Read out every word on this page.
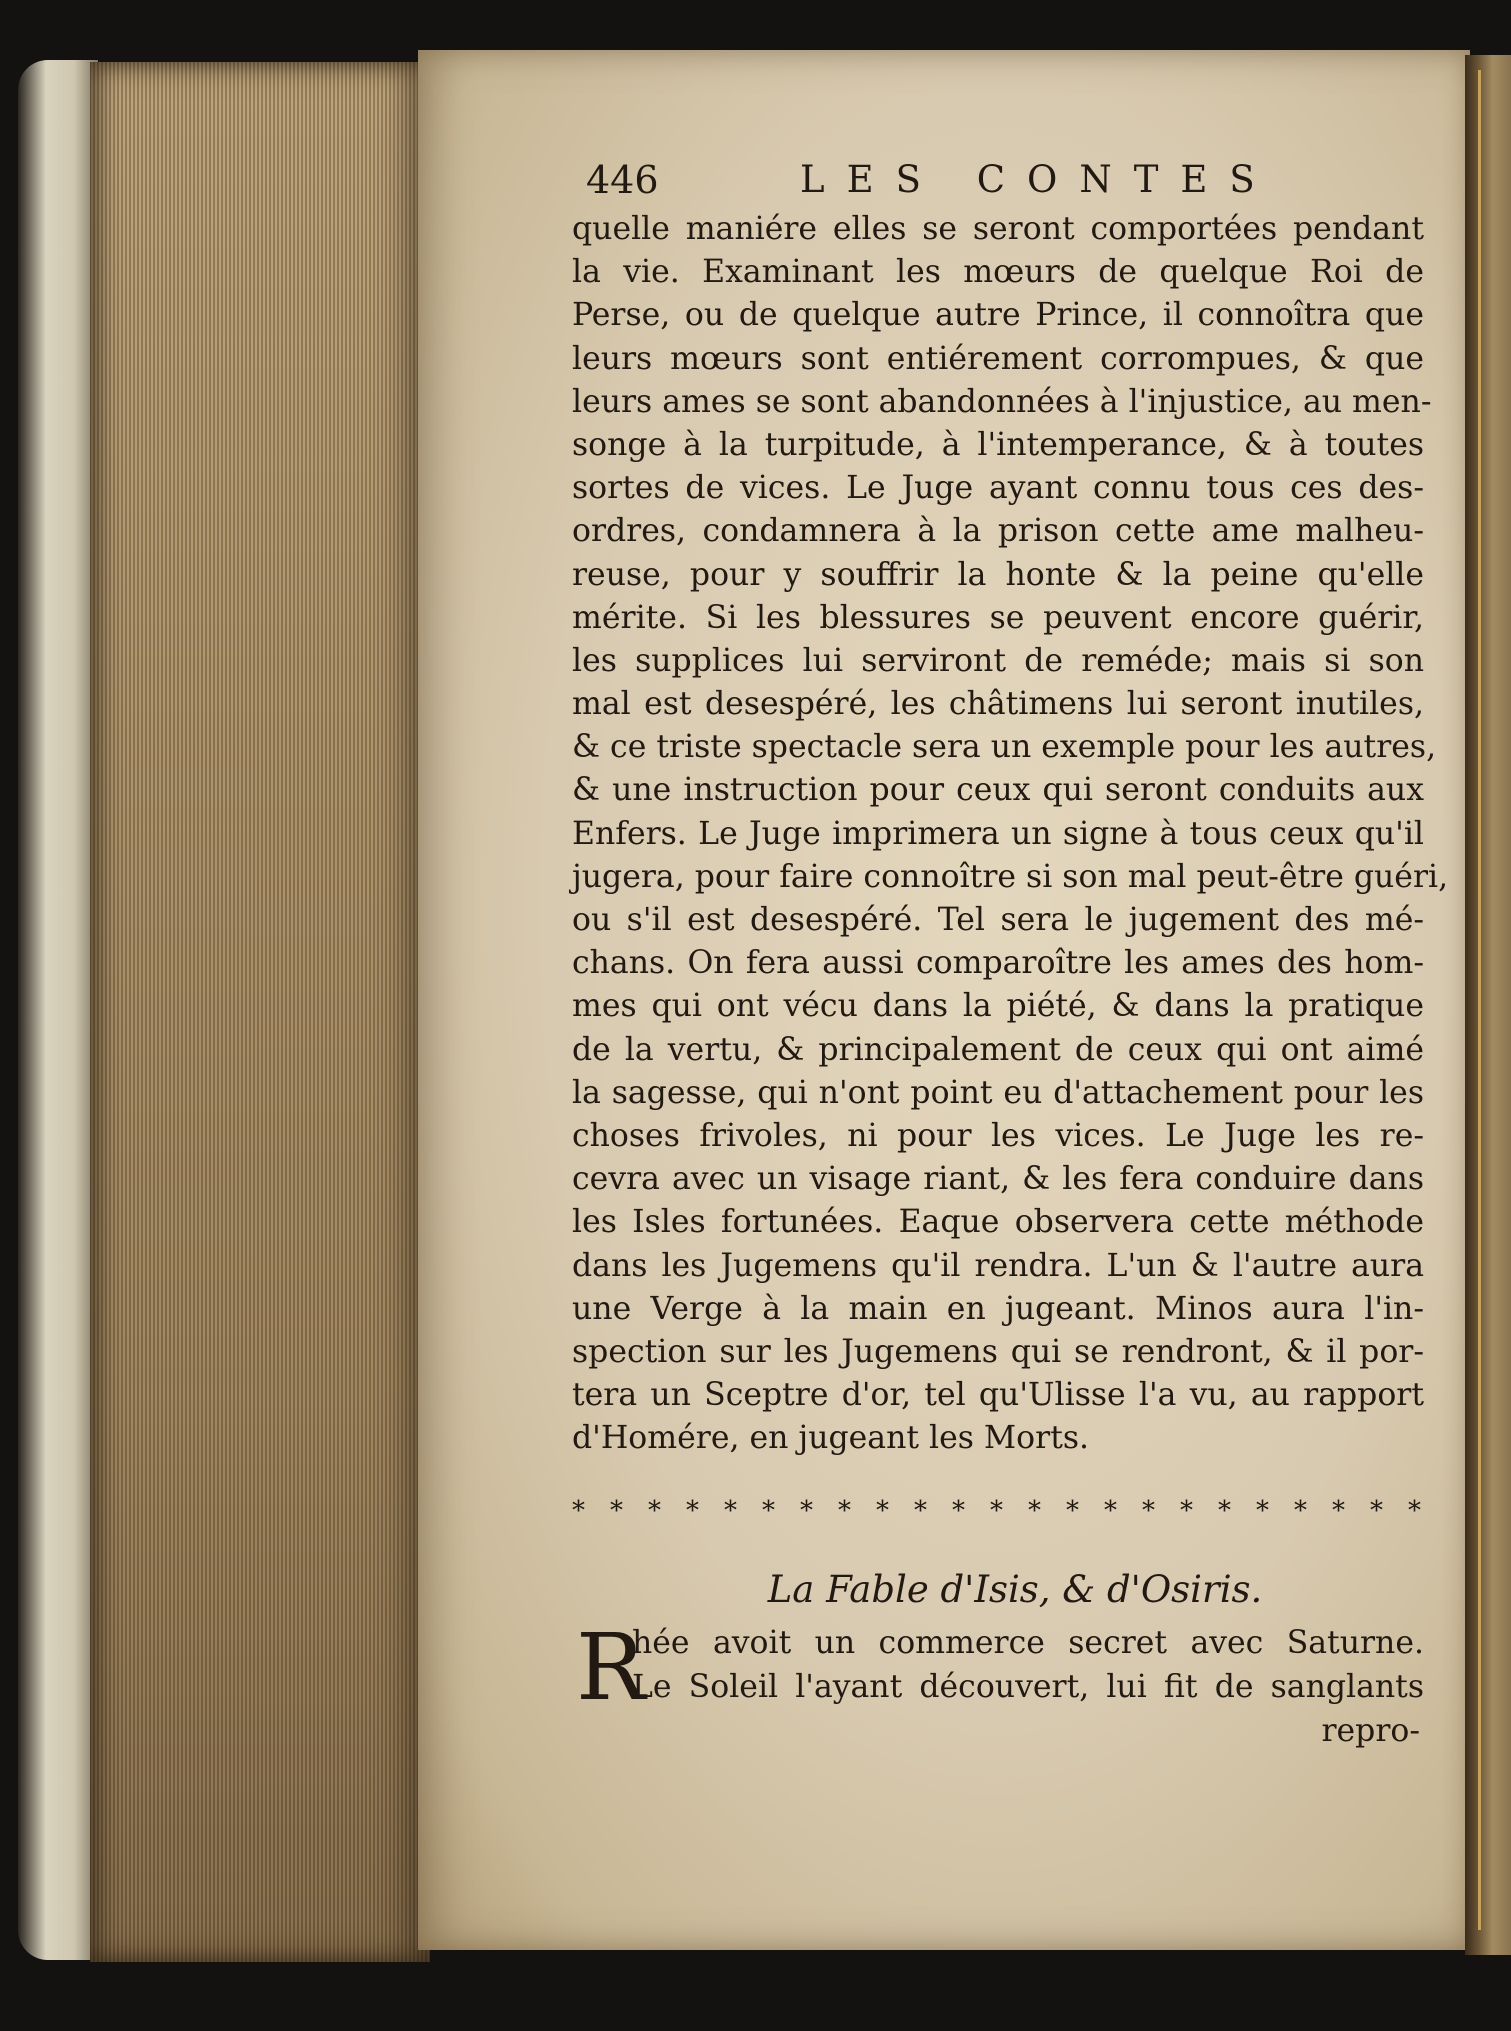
446	LES CONTES
quelle maniére elles se seront comportées pendant
la vie. Examinant les mœurs de quelque Roi de
Perse, ou de quelque autre Prince, il connoîtra que
leurs mœurs sont entiérement corrompues, & que
leurs ames se sont abandonnées à l'injustice, au men-
songe à la turpitude, à l'intemperance, & à toutes
sortes de vices. Le Juge ayant connu tous ces des-
ordres, condamnera à la prison cette ame malheu-
reuse, pour y souffrir la honte & la peine qu'elle
mérite. Si les blessures se peuvent encore guérir,
les supplices lui serviront de reméde; mais si son
mal est desespéré, les châtimens lui seront inutiles,
& ce triste spectacle sera un exemple pour les autres,
& une instruction pour ceux qui seront conduits aux
Enfers. Le Juge imprimera un signe à tous ceux qu'il
jugera, pour faire connoître si son mal peut-être guéri,
ou s'il est desespéré. Tel sera le jugement des mé-
chans. On fera aussi comparoître les ames des hom-
mes qui ont vécu dans la piété, & dans la pratique
de la vertu, & principalement de ceux qui ont aimé
la sagesse, qui n'ont point eu d'attachement pour les
choses frivoles, ni pour les vices. Le Juge les re-
cevra avec un visage riant, & les fera conduire dans
les Isles fortunées. Eaque observera cette méthode
dans les Jugemens qu'il rendra. L'un & l'autre aura
une Verge à la main en jugeant. Minos aura l'in-
spection sur les Jugemens qui se rendront, & il por-
tera un Sceptre d'or, tel qu'Ulisse l'a vu, au rapport
d'Homére, en jugeant les Morts.
* * * * * * * * * * * * * * * * * * * * * * *
La Fable d'Isis, & d'Osiris.
R
hée avoit un commerce secret avec Saturne.
Le Soleil l'ayant découvert, lui fit de sanglants
repro-
